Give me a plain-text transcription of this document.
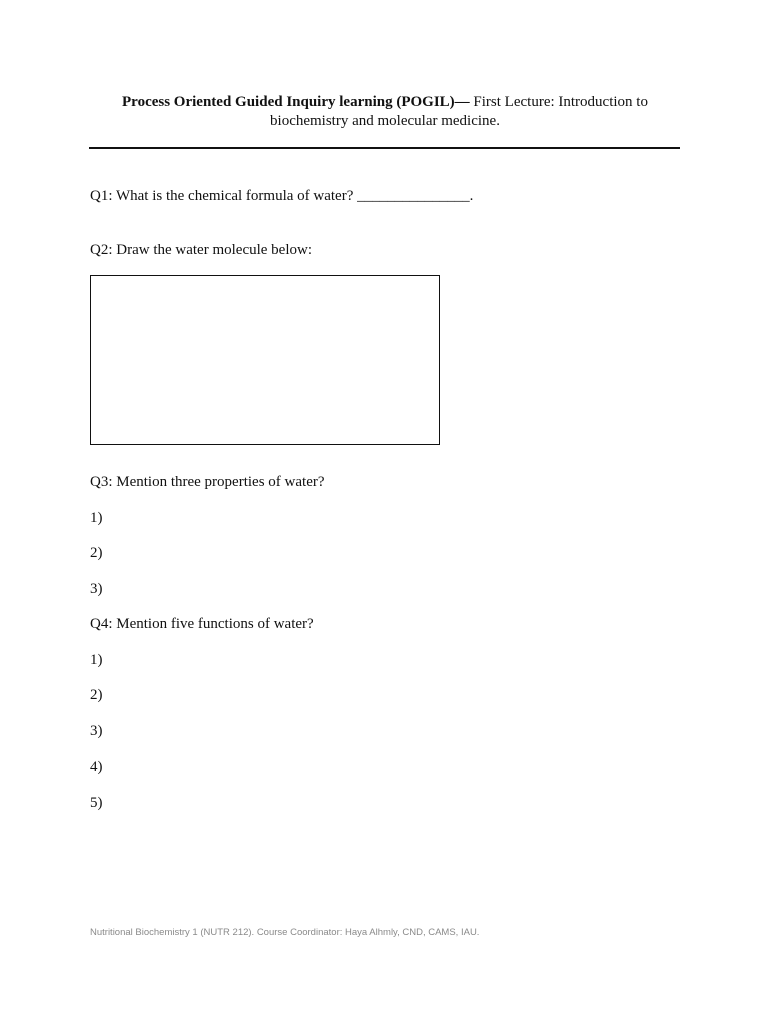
Process Oriented Guided Inquiry learning (POGIL)— First Lecture: Introduction to
biochemistry and molecular medicine.
Q1: What is the chemical formula of water? _______________.
Q2: Draw the water molecule below:
Q3: Mention three properties of water?
1)
2)
3)
Q4: Mention five functions of water?
1)
2)
3)
4)
5)
Nutritional Biochemistry 1 (NUTR 212). Course Coordinator: Haya Alhmly, CND, CAMS, IAU.
